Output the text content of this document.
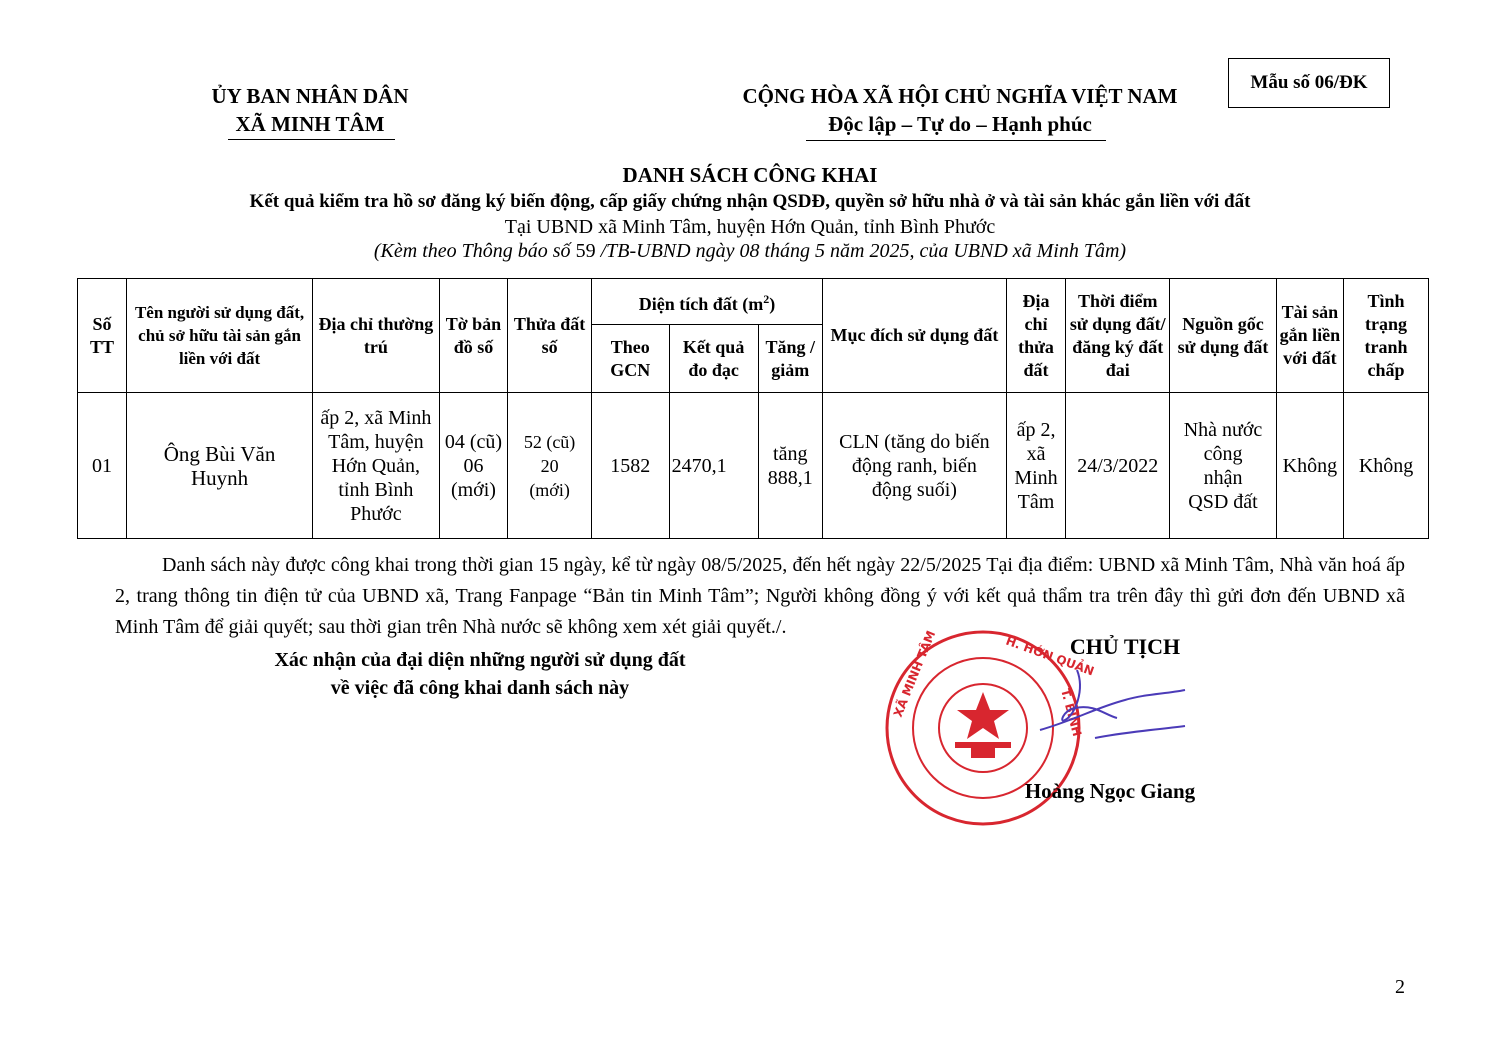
ỦY BAN NHÂN DÂN
XÃ MINH TÂM
CỘNG HÒA XÃ HỘI CHỦ NGHĨA VIỆT NAM
Độc lập – Tự do – Hạnh phúc
Mẫu số 06/ĐK
DANH SÁCH CÔNG KHAI
Kết quả kiểm tra hồ sơ đăng ký biến động, cấp giấy chứng nhận QSDĐ, quyền sở hữu nhà ở và tài sản khác gắn liền với đất
Tại UBND xã Minh Tâm, huyện Hớn Quản, tỉnh Bình Phước
(Kèm theo Thông báo số 59 /TB-UBND ngày 08 tháng 5 năm 2025, của UBND xã Minh Tâm)
Số TT	Tên người sử dụng đất, chủ sở hữu tài sản gắn liền với đất	Địa chỉ thường trú	Tờ bản đồ số	Thửa đất số	Diện tích đất $(m^2)$			Mục đích sử dụng đất	Địa chỉ thửa đất	Thời điểm sử dụng đất/đăng ký đất đai	Nguồn gốc sử dụng đất	Tài sản gắn liền với đất	Tình trạng tranh chấp
					Theo GCN	Kết quả đo đạc	Tăng / giảm						
01	Ông Bùi Văn Huynh	ấp 2, xã Minh Tâm, huyện Hớn Quản, tỉnh Bình Phước	04 (cũ) 06 (mới)	52 (cũ) 20 (mới)	1582	2470,1	tăng 888,1	CLN (tăng do biến động ranh, biến động suối)	ấp 2, xã Minh Tâm	24/3/2022	Nhà nước công nhận QSD đất	Không	Không
Danh sách này được công khai trong thời gian 15 ngày, kể từ ngày 08/5/2025, đến hết ngày 22/5/2025 Tại địa điểm: UBND xã Minh Tâm, Nhà văn hoá ấp 2, trang thông tin điện tử của UBND xã, Trang Fanpage “Bản tin Minh Tâm”; Người không đồng ý với kết quả thẩm tra trên đây thì gửi đơn đến UBND xã Minh Tâm để giải quyết; sau thời gian trên Nhà nước sẽ không xem xét giải quyết./.
Xác nhận của đại diện những người sử dụng đất
về việc đã công khai danh sách này	XÃ MINH TÂM	H. HỚN QUẢN
T. BÌNH
CHỦ TỊCH
Hoàng Ngọc Giang
2
